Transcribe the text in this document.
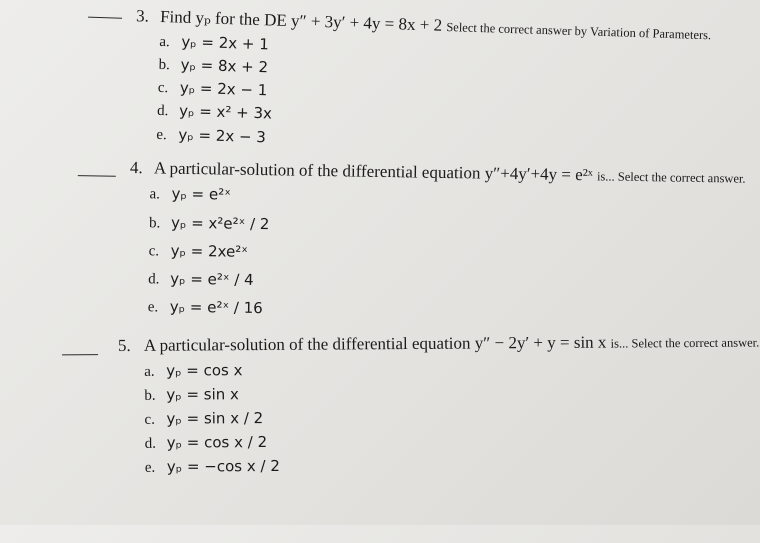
3. Find yₚ for the DE y″ + 3y′ + 4y = 8x + 2 Select the correct answer by Variation of Parameters.
a. yₚ = 2x + 1
b. yₚ = 8x + 2
c. yₚ = 2x − 1
d. yₚ = x² + 3x
e. yₚ = 2x − 3
4. A particular-solution of the differential equation y″+4y′+4y = e²ˣ is... Select the correct answer.
a. yₚ = e²ˣ
b. yₚ = x²e²ˣ / 2
c. yₚ = 2xe²ˣ
d. yₚ = e²ˣ / 4
e. yₚ = e²ˣ / 16
5. A particular-solution of the differential equation y″ − 2y′ + y = sin x is... Select the correct answer.
a. yₚ = cos x
b. yₚ = sin x
c. yₚ = sin x / 2
d. yₚ = cos x / 2
e. yₚ = −cos x / 2
